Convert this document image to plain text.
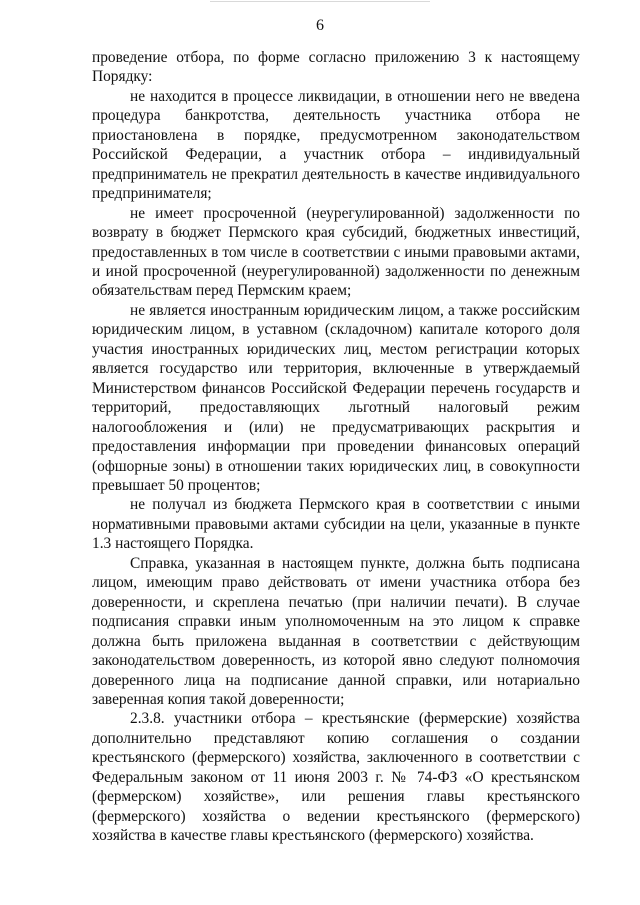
6

проведение отбора, по форме согласно приложению 3 к настоящему Порядку:

не находится в процессе ликвидации, в отношении него не введена процедура банкротства, деятельность участника отбора не приостановлена в порядке, предусмотренном законодательством Российской Федерации, а участник отбора – индивидуальный предприниматель не прекратил деятельность в качестве индивидуального предпринимателя;

не имеет просроченной (неурегулированной) задолженности по возврату в бюджет Пермского края субсидий, бюджетных инвестиций, предоставленных в том числе в соответствии с иными правовыми актами, и иной просроченной (неурегулированной) задолженности по денежным обязательствам перед Пермским краем;

не является иностранным юридическим лицом, а также российским юридическим лицом, в уставном (складочном) капитале которого доля участия иностранных юридических лиц, местом регистрации которых является государство или территория, включенные в утверждаемый Министерством финансов Российской Федерации перечень государств и территорий, предоставляющих льготный налоговый режим налогообложения и (или) не предусматривающих раскрытия и предоставления информации при проведении финансовых операций (офшорные зоны) в отношении таких юридических лиц, в совокупности превышает 50 процентов;

не получал из бюджета Пермского края в соответствии с иными нормативными правовыми актами субсидии на цели, указанные в пункте 1.3 настоящего Порядка.

Справка, указанная в настоящем пункте, должна быть подписана лицом, имеющим право действовать от имени участника отбора без доверенности, и скреплена печатью (при наличии печати). В случае подписания справки иным уполномоченным на это лицом к справке должна быть приложена выданная в соответствии с действующим законодательством доверенность, из которой явно следуют полномочия доверенного лица на подписание данной справки, или нотариально заверенная копия такой доверенности;

2.3.8. участники отбора – крестьянские (фермерские) хозяйства дополнительно представляют копию соглашения о создании крестьянского (фермерского) хозяйства, заключенного в соответствии с Федеральным законом от 11 июня 2003 г. № 74-ФЗ «О крестьянском (фермерском) хозяйстве», или решения главы крестьянского (фермерского) хозяйства о ведении крестьянского (фермерского) хозяйства в качестве главы крестьянского (фермерского) хозяйства.
